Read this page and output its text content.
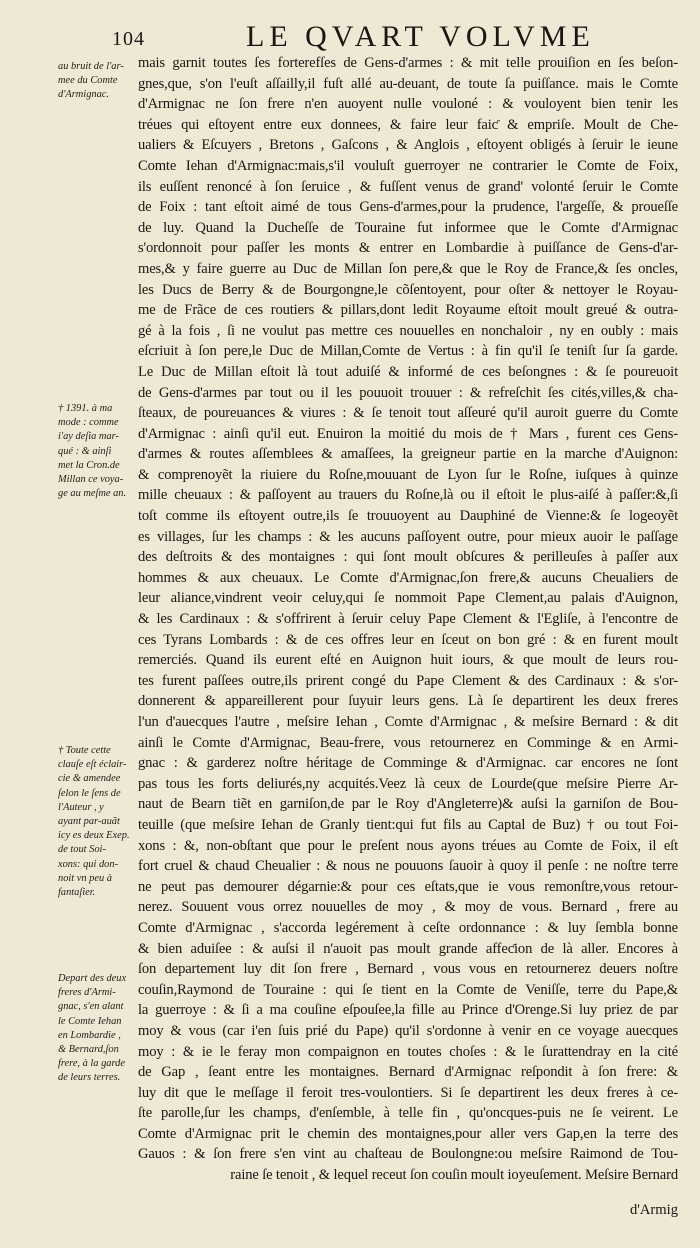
104	LE QVART VOLVME
au bruit de l'ar-
mee du Comte
d'Armignac.
† 1391. à ma
mode : comme
i'ay deſia mar-
qué : & ainſi
met la Cron.de
Millan ce voya-
ge au meſme an.
† Toute cette
clauſe eſt éclair-
cie & amendee
ſelon le ſens de
l'Auteur , y
ayant par-auãt
icy es deux Exep.
de tout Soi-
xons: qui don-
noit vn peu à
fantaſier.
Depart des deux
freres d'Armi-
gnac, s'en alant
le Comte Iehan
en Lombardie ,
& Bernard,ſon
frere, à la garde
de leurs terres.
mais garnit toutes ſes forterefſes de Gens-d'armes : & mit telle prouiſion en ſes beſon-
gnes,que, s'on l'euſt aſſailly,il fuſt allé au-deuant, de toute ſa puiſſance. mais le Comte
d'Armignac ne ſon frere n'en auoyent nulle vouloné : & vouloyent bien tenir les
tréues qui eſtoyent entre eux donnees, & faire leur faiƈ & empriſe. Moult de Che-
ualiers & Eſcuyers , Bretons , Gaſcons , & Anglois , eſtoyent obligés à ſeruir le ieune
Comte Iehan d'Armignac:mais,s'il vouluſt guerroyer ne contrarier le Comte de Foix,
ils euſſent renoncé à ſon ſeruice , & fuſſent venus de grand' volonté ſeruir le Comte
de Foix : tant eſtoit aimé de tous Gens-d'armes,pour la prudence, l'argeſſe, & proueſſe
de luy. Quand la Ducheſſe de Touraine fut informee que le Comte d'Armignac
s'ordonnoit pour paſſer les monts & entrer en Lombardie à puiſſance de Gens-d'ar-
mes,& y faire guerre au Duc de Millan ſon pere,& que le Roy de France,& ſes oncles,
les Ducs de Berry & de Bourgongne,le cõſentoyent, pour oſter & nettoyer le Royau-
me de Frãce de ces routiers & pillars,dont ledit Royaume eſtoit moult greué & outra-
gé à la fois , ſi ne voulut pas mettre ces nouuelles en nonchaloir , ny en oubly : mais
eſcriuit à ſon pere,le Duc de Millan,Comte de Vertus : à fin qu'il ſe teniſt ſur ſa garde.
Le Duc de Millan eſtoit là tout aduiſé & informé de ces beſongnes : & ſe poureuoit
de Gens-d'armes par tout ou il les pouuoit trouuer : & refreſchit ſes cités,villes,& cha-
ſteaux, de poureuances & viures : & ſe tenoit tout aſſeuré qu'il auroit guerre du Comte
d'Armignac : ainſi qu'il eut. Enuiron la moitié du mois de † Mars , furent ces Gens-
d'armes & routes aſſemblees & amaſſees, la greigneur partie en la marche d'Auignon:
& comprenoyẽt la riuiere du Roſne,mouuant de Lyon ſur le Roſne, iuſques à quinze
mille cheuaux : & paſſoyent au trauers du Roſne,là ou il eſtoit le plus-aiſé à paſſer:&,ſi
toſt comme ils eſtoyent outre,ils ſe trouuoyent au Dauphiné de Vienne:& ſe logeoyẽt
es villages, ſur les champs : & les aucuns paſſoyent outre, pour mieux auoir le paſſage
des deſtroits & des montaignes : qui ſont moult obſcures & perilleuſes à paſſer aux
hommes & aux cheuaux. Le Comte d'Armignac,ſon frere,& aucuns Cheualiers de
leur aliance,vindrent veoir celuy,qui ſe nommoit Pape Clement,au palais d'Auignon,
& les Cardinaux : & s'offrirent à ſeruir celuy Pape Clement & l'Egliſe, à l'encontre de
ces Tyrans Lombards : & de ces offres leur en ſceut on bon gré : & en furent moult
remerciés. Quand ils eurent eſté en Auignon huit iours, & que moult de leurs rou-
tes furent paſſees outre,ils prirent congé du Pape Clement & des Cardinaux : & s'or-
donnerent & appareillerent pour ſuyuir leurs gens. Là ſe departirent les deux freres
l'un d'auecques l'autre , meſsire Iehan , Comte d'Armignac , & meſsire Bernard : & dit
ainſi le Comte d'Armignac, Beau-frere, vous retournerez en Comminge & en Armi-
gnac : & garderez noſtre héritage de Comminge & d'Armignac. car encores ne ſont
pas tous les forts deliurés,ny acquités.Veez là ceux de Lourde(que meſsire Pierre Ar-
naut de Bearn tiẽt en garniſon,de par le Roy d'Angleterre)& auſsi la garniſon de Bou-
teuille (que meſsire Iehan de Granly tient:qui fut fils au Captal de Buz) † ou tout Foi-
xons : &, non-obſtant que pour le preſent nous ayons tréues au Comte de Foix, il eſt
fort cruel & chaud Cheualier : & nous ne pouuons ſauoir à quoy il penſe : ne noſtre terre
ne peut pas demourer dégarnie:& pour ces eſtats,que ie vous remonſtre,vous retour-
nerez. Souuent vous orrez nouuelles de moy , & moy de vous. Bernard , frere au
Comte d'Armignac , s'accorda legérement à ceſte ordonnance : & luy ſembla bonne
& bien aduiſee : & auſsi il n'auoit pas moult grande affeƈion de là aller. Encores à
ſon departement luy dit ſon frere , Bernard , vous vous en retournerez deuers noſtre
couſin,Raymond de Touraine : qui ſe tient en la Comte de Veniſſe, terre du Pape,&
la guerroye : & ſi a ma couſine eſpouſee,la fille au Prince d'Orenge.Si luy priez de par
moy & vous (car i'en ſuis prié du Pape) qu'il s'ordonne à venir en ce voyage auecques
moy : & ie le feray mon compaignon en toutes choſes : & le ſurattendray en la cité
de Gap , ſeant entre les montaignes. Bernard d'Armignac reſpondit à ſon frere: &
luy dit que le meſſage il feroit tres-voulontiers. Si ſe departirent les deux freres à ce-
ſte parolle,ſur les champs, d'enſemble, à telle fin , qu'oncques-puis ne ſe veirent. Le
Comte d'Armignac prit le chemin des montaignes,pour aller vers Gap,en la terre des
Gauos : & ſon frere s'en vint au chaſteau de Boulongne:ou meſsire Raimond de Tou-
raine ſe tenoit , & lequel receut ſon couſin moult ioyeuſement. Meſsire Bernard
d'Armig
